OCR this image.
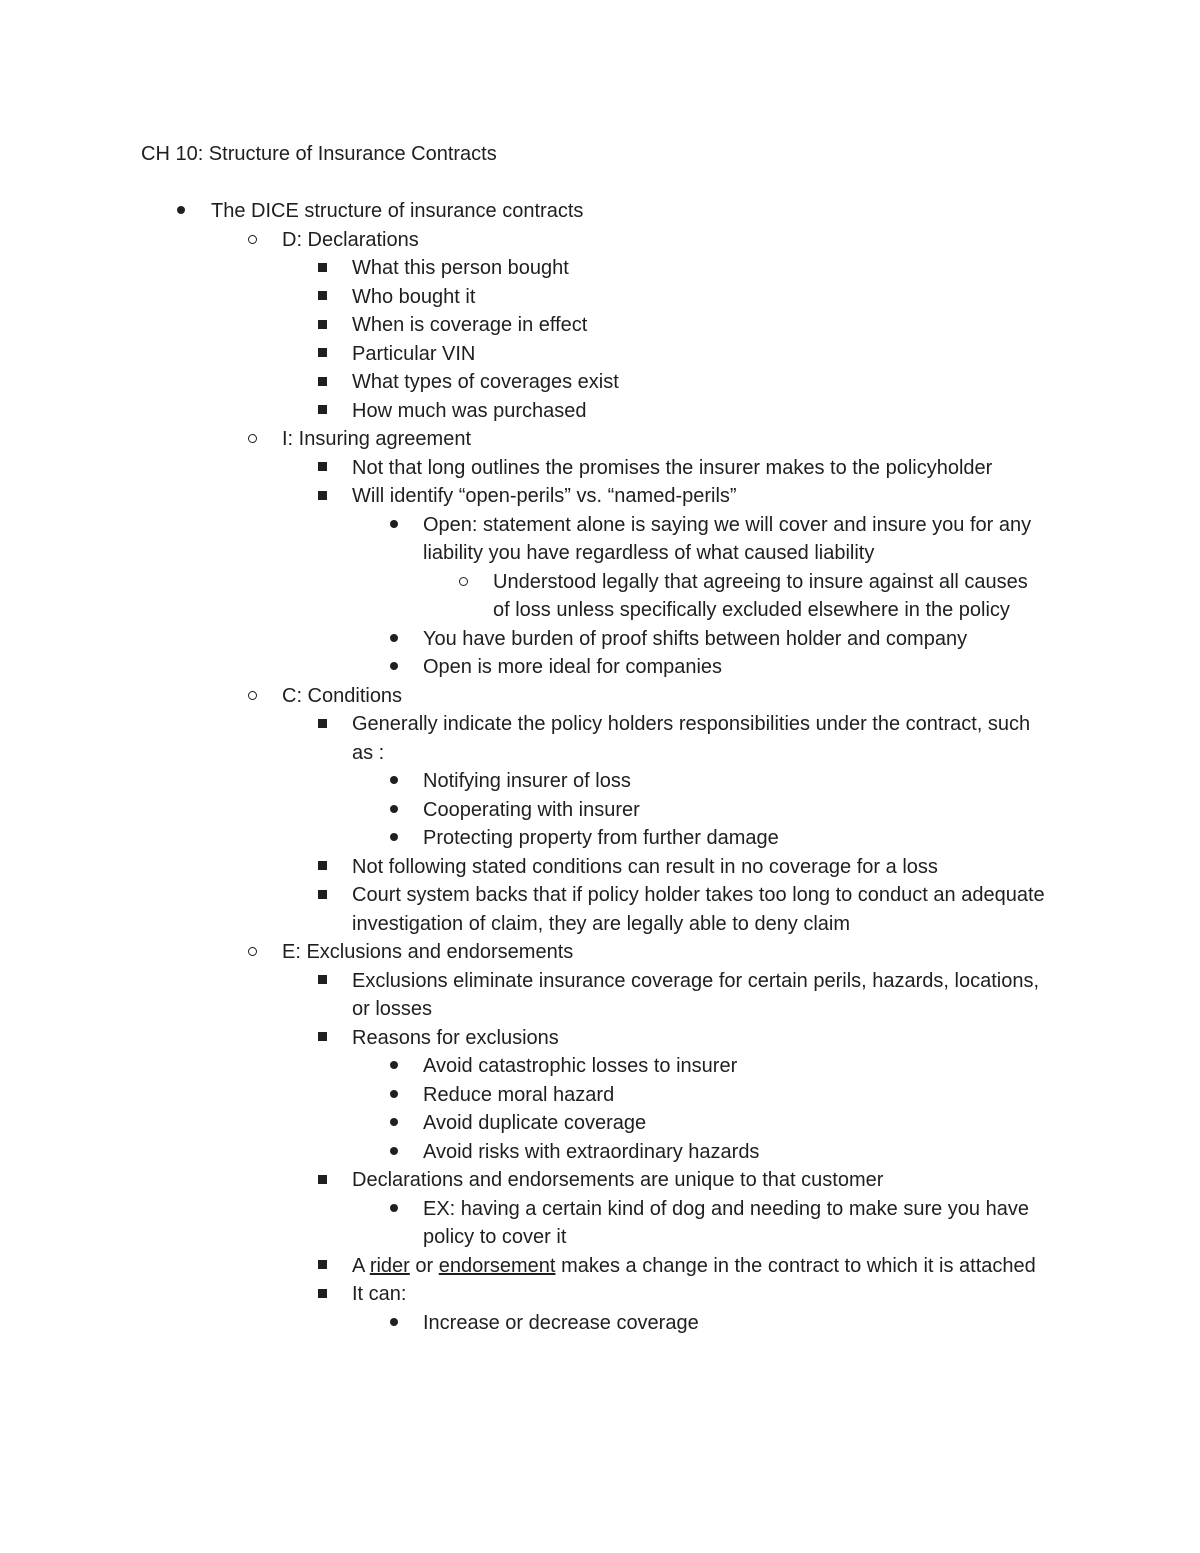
CH 10: Structure of Insurance Contracts
The DICE structure of insurance contracts
D: Declarations
What this person bought
Who bought it
When is coverage in effect
Particular VIN
What types of coverages exist
How much was purchased
I: Insuring agreement
Not that long outlines the promises the insurer makes to the policyholder
Will identify “open-perils” vs. “named-perils”
Open: statement alone is saying we will cover and insure you for any liability you have regardless of what caused liability
Understood legally that agreeing to insure against all causes of loss unless specifically excluded elsewhere in the policy
You have burden of proof shifts between holder and company
Open is more ideal for companies
C: Conditions
Generally indicate the policy holders responsibilities under the contract, such as :
Notifying insurer of loss
Cooperating with insurer
Protecting property from further damage
Not following stated conditions can result in no coverage for a loss
Court system backs that if policy holder takes too long to conduct an adequate investigation of claim, they are legally able to deny claim
E: Exclusions and endorsements
Exclusions eliminate insurance coverage for certain perils, hazards, locations, or losses
Reasons for exclusions
Avoid catastrophic losses to insurer
Reduce moral hazard
Avoid duplicate coverage
Avoid risks with extraordinary hazards
Declarations and endorsements are unique to that customer
EX: having a certain kind of dog and needing to make sure you have policy to cover it
A rider or endorsement makes a change in the contract to which it is attached
It can:
Increase or decrease coverage
